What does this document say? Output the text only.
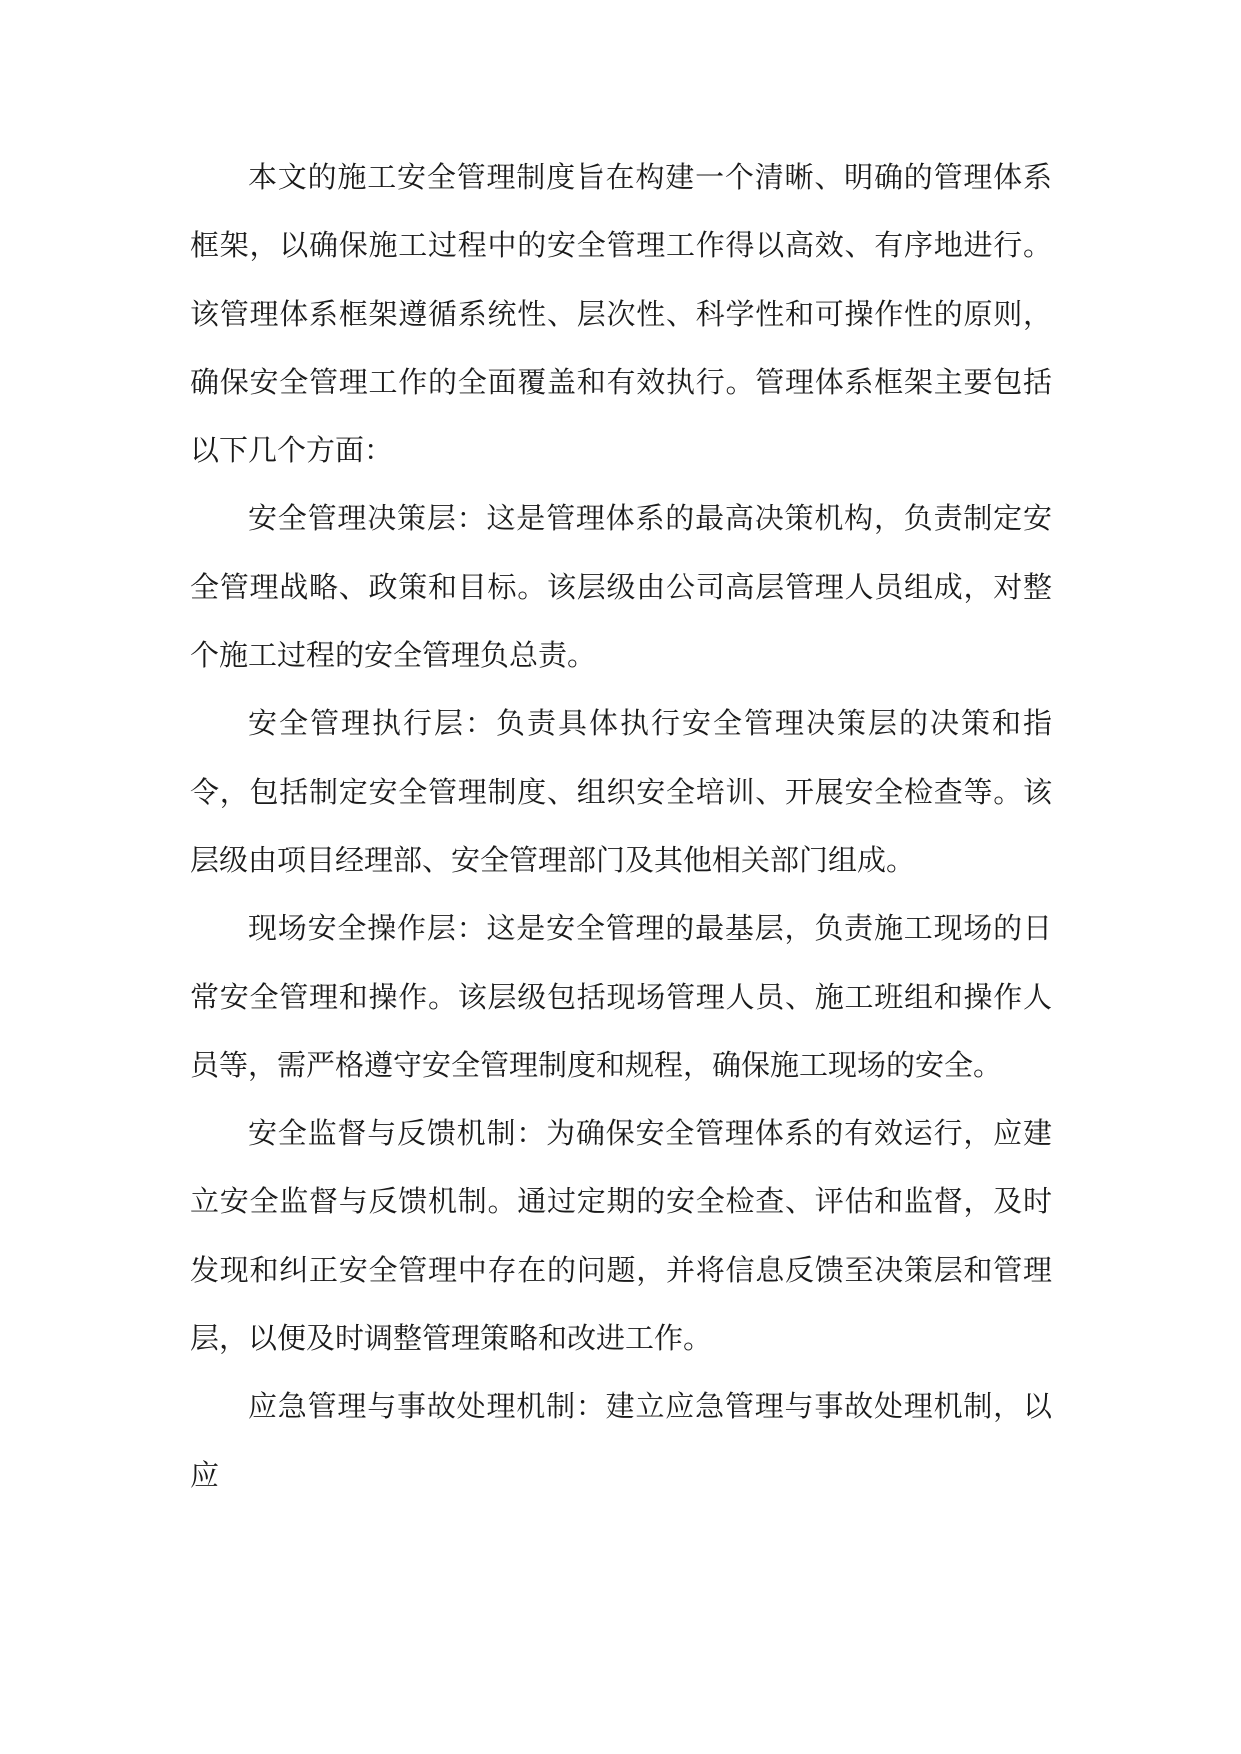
本文的施工安全管理制度旨在构建一个清晰、明确的管理体系框架，以确保施工过程中的安全管理工作得以高效、有序地进行。该管理体系框架遵循系统性、层次性、科学性和可操作性的原则，确保安全管理工作的全面覆盖和有效执行。管理体系框架主要包括以下几个方面：

安全管理决策层：这是管理体系的最高决策机构，负责制定安全管理战略、政策和目标。该层级由公司高层管理人员组成，对整个施工过程的安全管理负总责。

安全管理执行层：负责具体执行安全管理决策层的决策和指令，包括制定安全管理制度、组织安全培训、开展安全检查等。该层级由项目经理部、安全管理部门及其他相关部门组成。

现场安全操作层：这是安全管理的最基层，负责施工现场的日常安全管理和操作。该层级包括现场管理人员、施工班组和操作人员等，需严格遵守安全管理制度和规程，确保施工现场的安全。

安全监督与反馈机制：为确保安全管理体系的有效运行，应建立安全监督与反馈机制。通过定期的安全检查、评估和监督，及时发现和纠正安全管理中存在的问题，并将信息反馈至决策层和管理层，以便及时调整管理策略和改进工作。

应急管理与事故处理机制：建立应急管理与事故处理机制，以应
